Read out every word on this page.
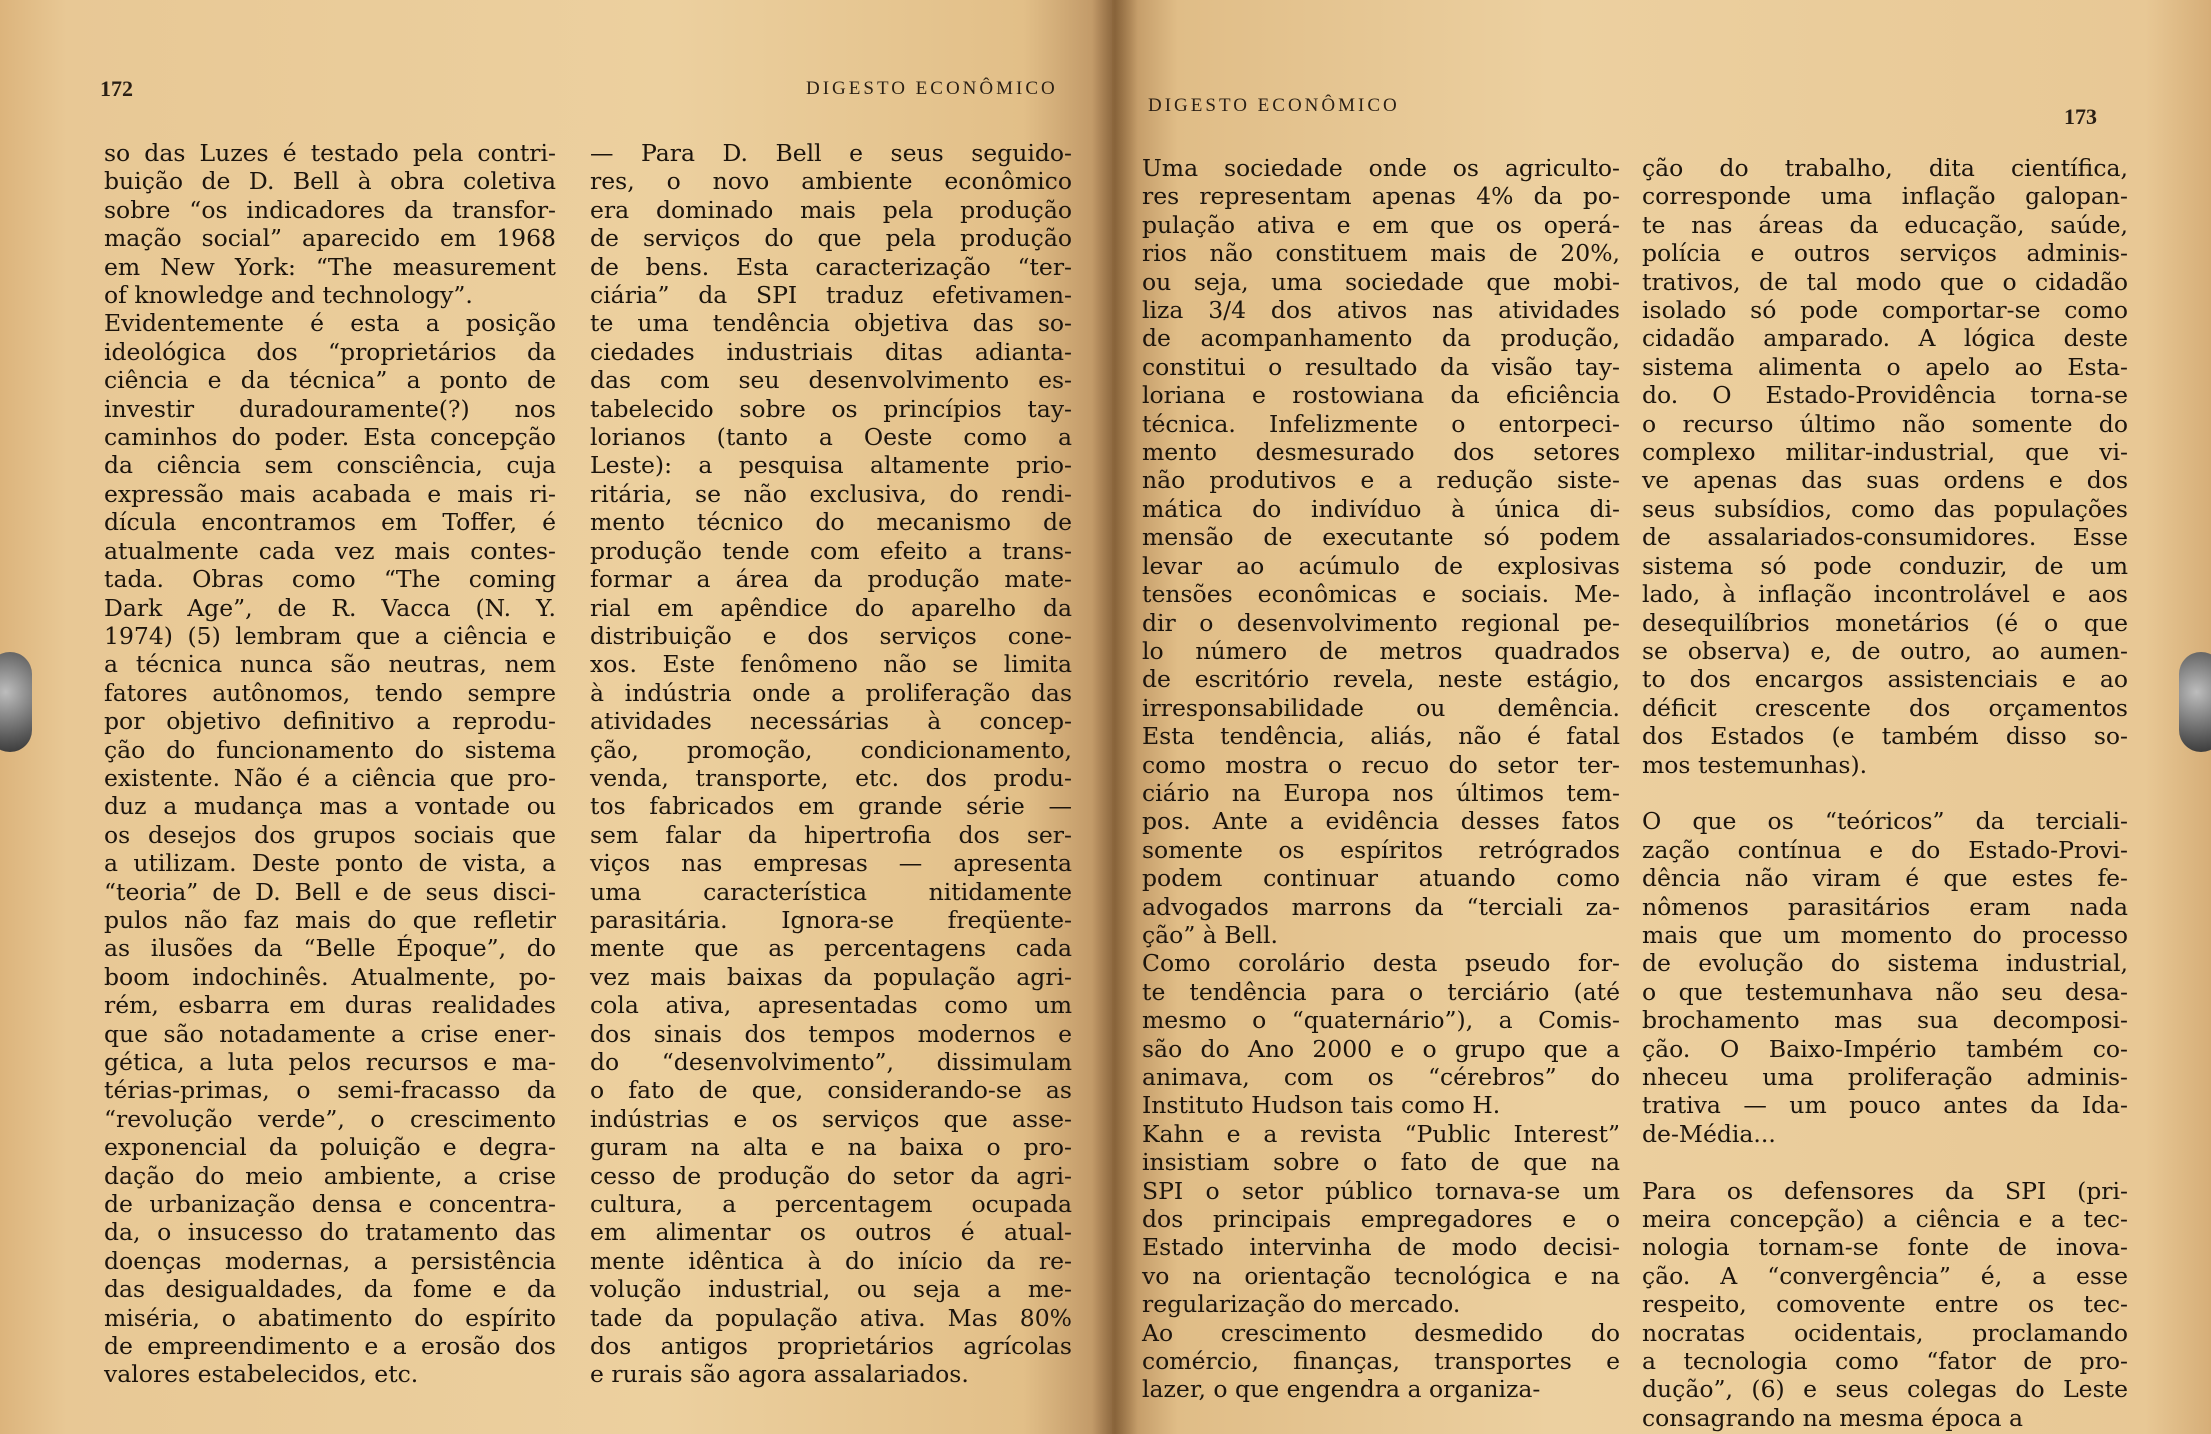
172	DIGESTO ECONÔMICO

so das Luzes é testado pela contri-

buição de D. Bell à obra coletiva

sobre “os indicadores da transfor-

mação social” aparecido em 1968

em New York: “The measurement

of knowledge and technology”.

Evidentemente é esta a posição

ideológica dos “proprietários da

ciência e da técnica” a ponto de

investir duradouramente(?) nos

caminhos do poder. Esta concepção

da ciência sem consciência, cuja

expressão mais acabada e mais ri-

dícula encontramos em Toffer, é

atualmente cada vez mais contes-

tada. Obras como “The coming

Dark Age”, de R. Vacca (N. Y.

1974) (5) lembram que a ciência e

a técnica nunca são neutras, nem

fatores autônomos, tendo sempre

por objetivo definitivo a reprodu-

ção do funcionamento do sistema

existente. Não é a ciência que pro-

duz a mudança mas a vontade ou

os desejos dos grupos sociais que

a utilizam. Deste ponto de vista, a

“teoria” de D. Bell e de seus disci-

pulos não faz mais do que refletir

as ilusões da “Belle Époque”, do

boom indochinês. Atualmente, po-

rém, esbarra em duras realidades

que são notadamente a crise ener-

gética, a luta pelos recursos e ma-

térias-primas, o semi-fracasso da

“revolução verde”, o crescimento

exponencial da poluição e degra-

dação do meio ambiente, a crise

de urbanização densa e concentra-

da, o insucesso do tratamento das

doenças modernas, a persistência

das desigualdades, da fome e da

miséria, o abatimento do espírito

de empreendimento e a erosão dos

valores estabelecidos, etc.

— Para D. Bell e seus seguido-

res, o novo ambiente econômico

era dominado mais pela produção

de serviços do que pela produção

de bens. Esta caracterização “ter-

ciária” da SPI traduz efetivamen-

te uma tendência objetiva das so-

ciedades industriais ditas adianta-

das com seu desenvolvimento es-

tabelecido sobre os princípios tay-

lorianos (tanto a Oeste como a

Leste): a pesquisa altamente prio-

ritária, se não exclusiva, do rendi-

mento técnico do mecanismo de

produção tende com efeito a trans-

formar a área da produção mate-

rial em apêndice do aparelho da

distribuição e dos serviços cone-

xos. Este fenômeno não se limita

à indústria onde a proliferação das

atividades necessárias à concep-

ção, promoção, condicionamento,

venda, transporte, etc. dos produ-

tos fabricados em grande série —

sem falar da hipertrofia dos ser-

viços nas empresas — apresenta

uma característica nitidamente

parasitária. Ignora-se freqüente-

mente que as percentagens cada

vez mais baixas da população agri-

cola ativa, apresentadas como um

dos sinais dos tempos modernos e

do “desenvolvimento”, dissimulam

o fato de que, considerando-se as

indústrias e os serviços que asse-

guram na alta e na baixa o pro-

cesso de produção do setor da agri-

cultura, a percentagem ocupada

em alimentar os outros é atual-

mente idêntica à do início da re-

volução industrial, ou seja a me-

tade da população ativa. Mas 80%

dos antigos proprietários agrícolas

e rurais são agora assalariados.

DIGESTO ECONÔMICO	173

Uma sociedade onde os agriculto-

res representam apenas 4% da po-

pulação ativa e em que os operá-

rios não constituem mais de 20%,

ou seja, uma sociedade que mobi-

liza 3/4 dos ativos nas atividades

de acompanhamento da produção,

constitui o resultado da visão tay-

loriana e rostowiana da eficiência

técnica. Infelizmente o entorpeci-

mento desmesurado dos setores

não produtivos e a redução siste-

mática do indivíduo à única di-

mensão de executante só podem

levar ao acúmulo de explosivas

tensões econômicas e sociais. Me-

dir o desenvolvimento regional pe-

lo número de metros quadrados

de escritório revela, neste estágio,

irresponsabilidade ou demência.

Esta tendência, aliás, não é fatal

como mostra o recuo do setor ter-

ciário na Europa nos últimos tem-

pos. Ante a evidência desses fatos

somente os espíritos retrógrados

podem continuar atuando como

advogados marrons da “terciali za-

ção” à Bell.

Como corolário desta pseudo for-

te tendência para o terciário (até

mesmo o “quaternário”), a Comis-

são do Ano 2000 e o grupo que a

animava, com os “cérebros” do

Instituto Hudson tais como H.

Kahn e a revista “Public Interest”

insistiam sobre o fato de que na

SPI o setor público tornava-se um

dos principais empregadores e o

Estado intervinha de modo decisi-

vo na orientação tecnológica e na

regularização do mercado.

Ao crescimento desmedido do

comércio, finanças, transportes e

lazer, o que engendra a organiza-

ção do trabalho, dita científica,

corresponde uma inflação galopan-

te nas áreas da educação, saúde,

polícia e outros serviços adminis-

trativos, de tal modo que o cidadão

isolado só pode comportar-se como

cidadão amparado. A lógica deste

sistema alimenta o apelo ao Esta-

do. O Estado-Providência torna-se

o recurso último não somente do

complexo militar-industrial, que vi-

ve apenas das suas ordens e dos

seus subsídios, como das populações

de assalariados-consumidores. Esse

sistema só pode conduzir, de um

lado, à inflação incontrolável e aos

desequilíbrios monetários (é o que

se observa) e, de outro, ao aumen-

to dos encargos assistenciais e ao

déficit crescente dos orçamentos

dos Estados (e também disso so-

mos testemunhas).

O que os “teóricos” da terciali-

zação contínua e do Estado-Provi-

dência não viram é que estes fe-

nômenos parasitários eram nada

mais que um momento do processo

de evolução do sistema industrial,

o que testemunhava não seu desa-

brochamento mas sua decomposi-

ção. O Baixo-Império também co-

nheceu uma proliferação adminis-

trativa — um pouco antes da Ida-

de-Média...

Para os defensores da SPI (pri-

meira concepção) a ciência e a tec-

nologia tornam-se fonte de inova-

ção. A “convergência” é, a esse

respeito, comovente entre os tec-

nocratas ocidentais, proclamando

a tecnologia como “fator de pro-

dução”, (6) e seus colegas do Leste

consagrando na mesma época a
